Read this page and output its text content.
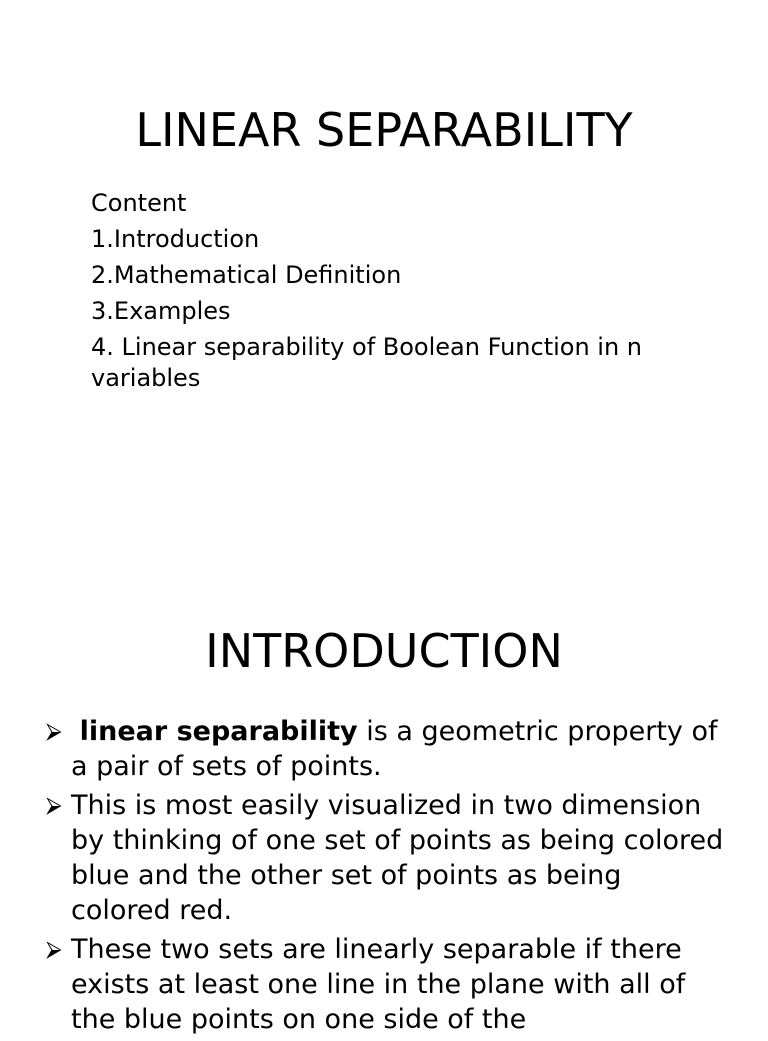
LINEAR SEPARABILITY
Content
1.Introduction
2.Mathematical Definition
3.Examples
4. Linear separability of Boolean Function in n variables
INTRODUCTION
⮚ linear separability is a geometric property of a pair of sets of points.
⮚ This is most easily visualized in two dimension by thinking of one set of points as being colored blue and the other set of points as being colored red.
⮚ These two sets are linearly separable if there exists at least one line in the plane with all of the blue points on one side of the
